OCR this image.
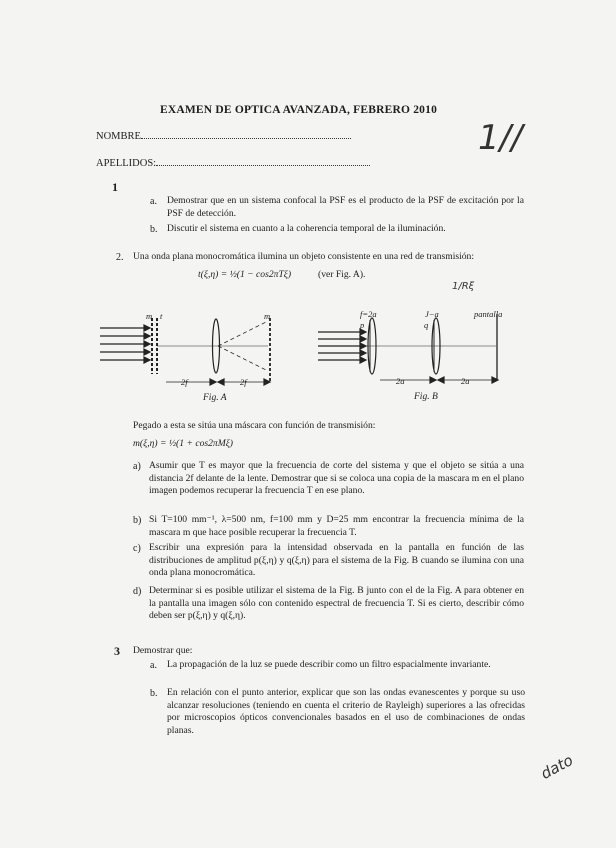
EXAMEN DE OPTICA AVANZADA, FEBRERO 2010
NOMBRE
APELLIDOS:
1//
1
a. Demostrar que en un sistema confocal la PSF es el producto de la PSF de excitación por la PSF de detección.
b. Discutir el sistema en cuanto a la coherencia temporal de la iluminación.
2. Una onda plana monocromática ilumina un objeto consistente en una red de transmisión:
t(ξ,η) = ½(1 − cos2πTξ)	(ver Fig. A).
m t	m
2f	2f
Fig. A
f=2a
p
J−a
q
pantalla
2a	2a
Fig. B
1/Rξ
Pegado a esta se sitúa una máscara con función de transmisión:
m(ξ,η) = ½(1 + cos2πMξ)
a) Asumir que T es mayor que la frecuencia de corte del sistema y que el objeto se sitúa a una distancia 2f delante de la lente. Demostrar que si se coloca una copia de la mascara m en el plano imagen podemos recuperar la frecuencia T en ese plano.
b) Si T=100 mm⁻¹, λ=500 nm, f=100 mm y D=25 mm encontrar la frecuencia mínima de la mascara m que hace posible recuperar la frecuencia T.
c) Escribir una expresión para la intensidad observada en la pantalla en función de las distribuciones de amplitud p(ξ,η) y q(ξ,η) para el sistema de la Fig. B cuando se ilumina con una onda plana monocromática.
d) Determinar si es posible utilizar el sistema de la Fig. B junto con el de la Fig. A para obtener en la pantalla una imagen sólo con contenido espectral de frecuencia T. Si es cierto, describir cómo deben ser p(ξ,η) y q(ξ,η).
3 Demostrar que:
a. La propagación de la luz se puede describir como un filtro espacialmente invariante.
b. En relación con el punto anterior, explicar que son las ondas evanescentes y porque su uso alcanzar resoluciones (teniendo en cuenta el criterio de Rayleigh) superiores a las ofrecidas por microscopios ópticos convencionales basados en el uso de combinaciones de ondas planas.
dato
